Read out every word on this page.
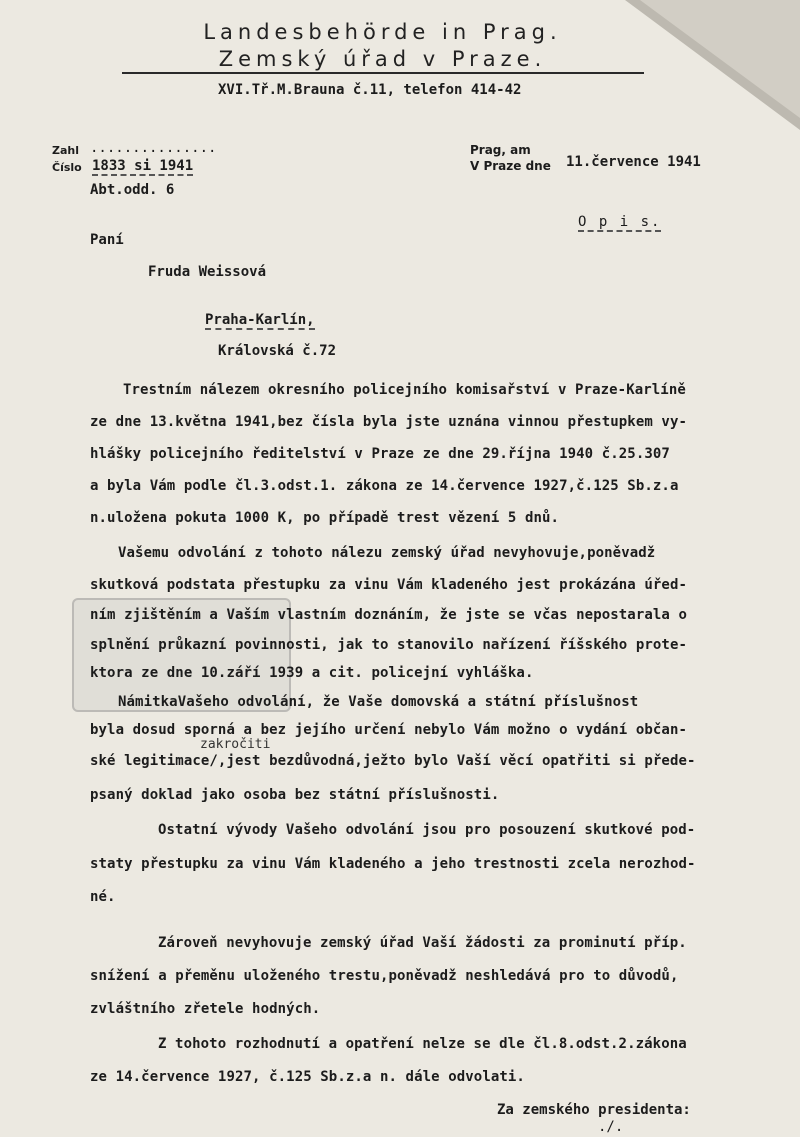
Landesbehörde in Prag.
Zemský úřad v Praze.
XVI.Tř.M.Brauna č.11, telefon 414-42
Zahl ...............
Číslo 1833 si 1941
Abt.odd. 6
Prag, am
V Praze dne 11.července 1941
O p i s.
Paní
Fruda Weissová
Praha-Karlín,
Královská č.72
Trestním nálezem okresního policejního komisařství v Praze-Karlíně
ze dne 13.května 1941,bez čísla byla jste uznána vinnou přestupkem vy-
hlášky policejního ředitelství v Praze ze dne 29.října 1940 č.25.307
a byla Vám podle čl.3.odst.1. zákona ze 14.července 1927,č.125 Sb.z.a
n.uložena pokuta 1000 K, po případě trest vězení 5 dnů.
Vašemu odvolání z tohoto nálezu zemský úřad nevyhovuje,poněvadž
skutková podstata přestupku za vinu Vám kladeného jest prokázána úřed-
ním zjištěním a Vaším vlastním doznáním, že jste se včas nepostarala o
splnění průkazní povinnosti, jak to stanovilo nařízení říšského prote-
ktora ze dne 10.září 1939 a cit. policejní vyhláška.
NámitkaVašeho odvolání, že Vaše domovská a státní příslušnost
byla dosud sporná a bez jejího určení nebylo Vám možno o vydání občan-
zakročiti
ské legitimace/,jest bezdůvodná,ježto bylo Vaší věcí opatřiti si přede-
psaný doklad jako osoba bez státní příslušnosti.
Ostatní vývody Vašeho odvolání jsou pro posouzení skutkové pod-
staty přestupku za vinu Vám kladeného a jeho trestnosti zcela nerozhod-
né.
Zároveň nevyhovuje zemský úřad Vaší žádosti za prominutí příp.
snížení a přeměnu uloženého trestu,poněvadž neshledává pro to důvodů,
zvláštního zřetele hodných.
Z tohoto rozhodnutí a opatření nelze se dle čl.8.odst.2.zákona
ze 14.července 1927, č.125 Sb.z.a n. dále odvolati.
Za zemského presidenta:
./.
